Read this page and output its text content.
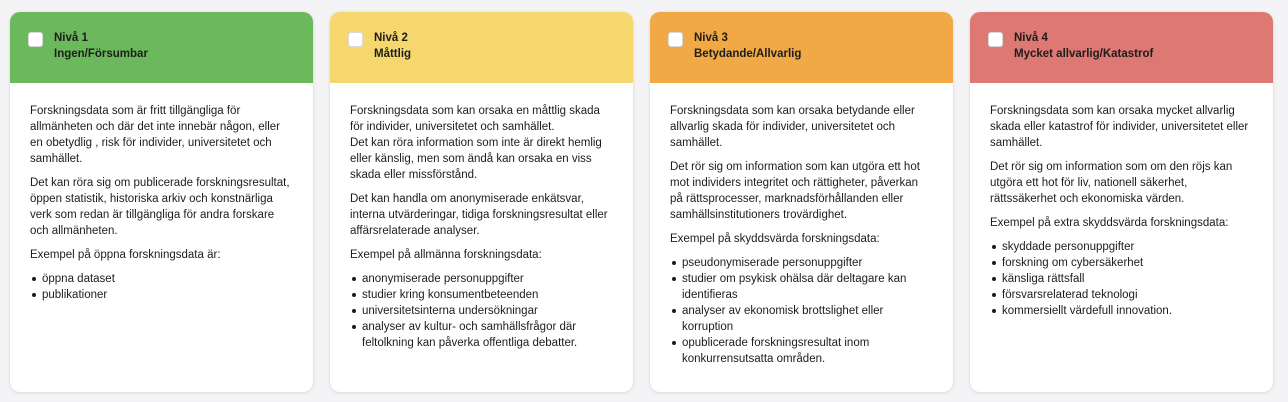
Nivå 1
Ingen/Försumbar

Forskningsdata som är fritt tillgängliga för allmänheten och där det inte innebär någon, eller en obetydlig , risk för individer, universitetet och samhället.

Det kan röra sig om publicerade forskningsresultat, öppen statistik, historiska arkiv och konstnärliga verk som redan är tillgängliga för andra forskare och allmänheten.

Exempel på öppna forskningsdata är:

öppna dataset
publikationer
Nivå 2
Måttlig

Forskningsdata som kan orsaka en måttlig skada för individer, universitetet och samhället.
Det kan röra information som inte är direkt hemlig eller känslig, men som ändå kan orsaka en viss skada eller missförstånd.

Det kan handla om anonymiserade enkätsvar, interna utvärderingar, tidiga forskningsresultat eller affärsrelaterade analyser.

Exempel på allmänna forskningsdata:

anonymiserade personuppgifter
studier kring konsumentbeteenden
universitetsinterna undersökningar
analyser av kultur- och samhällsfrågor där feltolkning kan påverka offentliga debatter.
Nivå 3
Betydande/Allvarlig

Forskningsdata som kan orsaka betydande eller allvarlig skada för individer, universitetet och samhället.

Det rör sig om information som kan utgöra ett hot mot individers integritet och rättigheter, påverkan på rättsprocesser, marknadsförhållanden eller samhällsinstitutioners trovärdighet.

Exempel på skyddsvärda forskningsdata:

pseudonymiserade personuppgifter
studier om psykisk ohälsa där deltagare kan identifieras
analyser av ekonomisk brottslighet eller korruption
opublicerade forskningsresultat inom konkurrensutsatta områden.
Nivå 4
Mycket allvarlig/Katastrof

Forskningsdata som kan orsaka mycket allvarlig skada eller katastrof för individer, universitetet eller samhället.

Det rör sig om information som om den röjs kan utgöra ett hot för liv, nationell säkerhet, rättssäkerhet och ekonomiska värden.

Exempel på extra skyddsvärda forskningsdata:

skyddade personuppgifter
forskning om cybersäkerhet
känsliga rättsfall
försvarsrelaterad teknologi
kommersiellt värdefull innovation.
